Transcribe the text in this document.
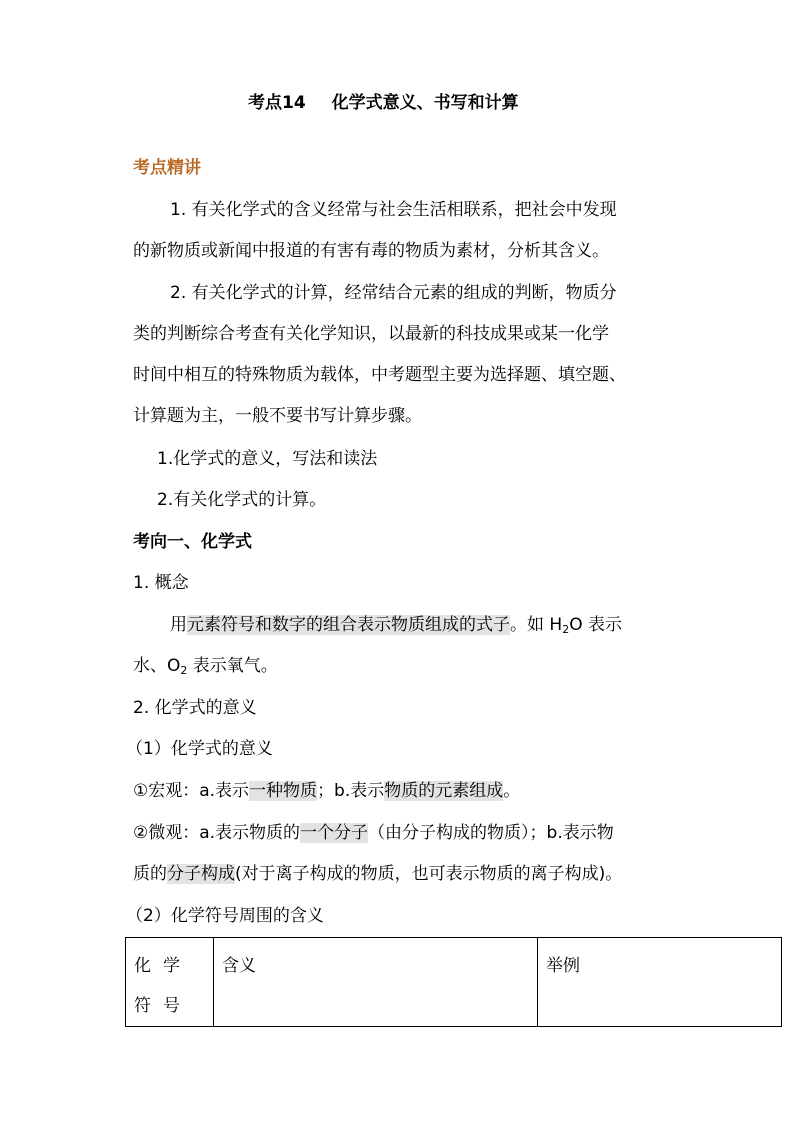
考点14 化学式意义、书写和计算
考点精讲
1. 有关化学式的含义经常与社会生活相联系，把社会中发现
的新物质或新闻中报道的有害有毒的物质为素材，分析其含义。
2. 有关化学式的计算，经常结合元素的组成的判断，物质分
类的判断综合考查有关化学知识，以最新的科技成果或某一化学
时间中相互的特殊物质为载体，中考题型主要为选择题、填空题、
计算题为主，一般不要书写计算步骤。
1.化学式的意义，写法和读法
2.有关化学式的计算。
考向一、化学式
1. 概念
用元素符号和数字的组合表示物质组成的式子。如 $H_2O$ 表示
水、$O_2$ 表示氧气。
2. 化学式的意义
（1）化学式的意义
①宏观：a.表示一种物质；b.表示物质的元素组成。
②微观：a.表示物质的一个分子（由分子构成的物质）；b.表示物
质的分子构成(对于离子构成的物质，也可表示物质的离子构成)。
（2）化学符号周围的含义
化学符号	含义	举例
